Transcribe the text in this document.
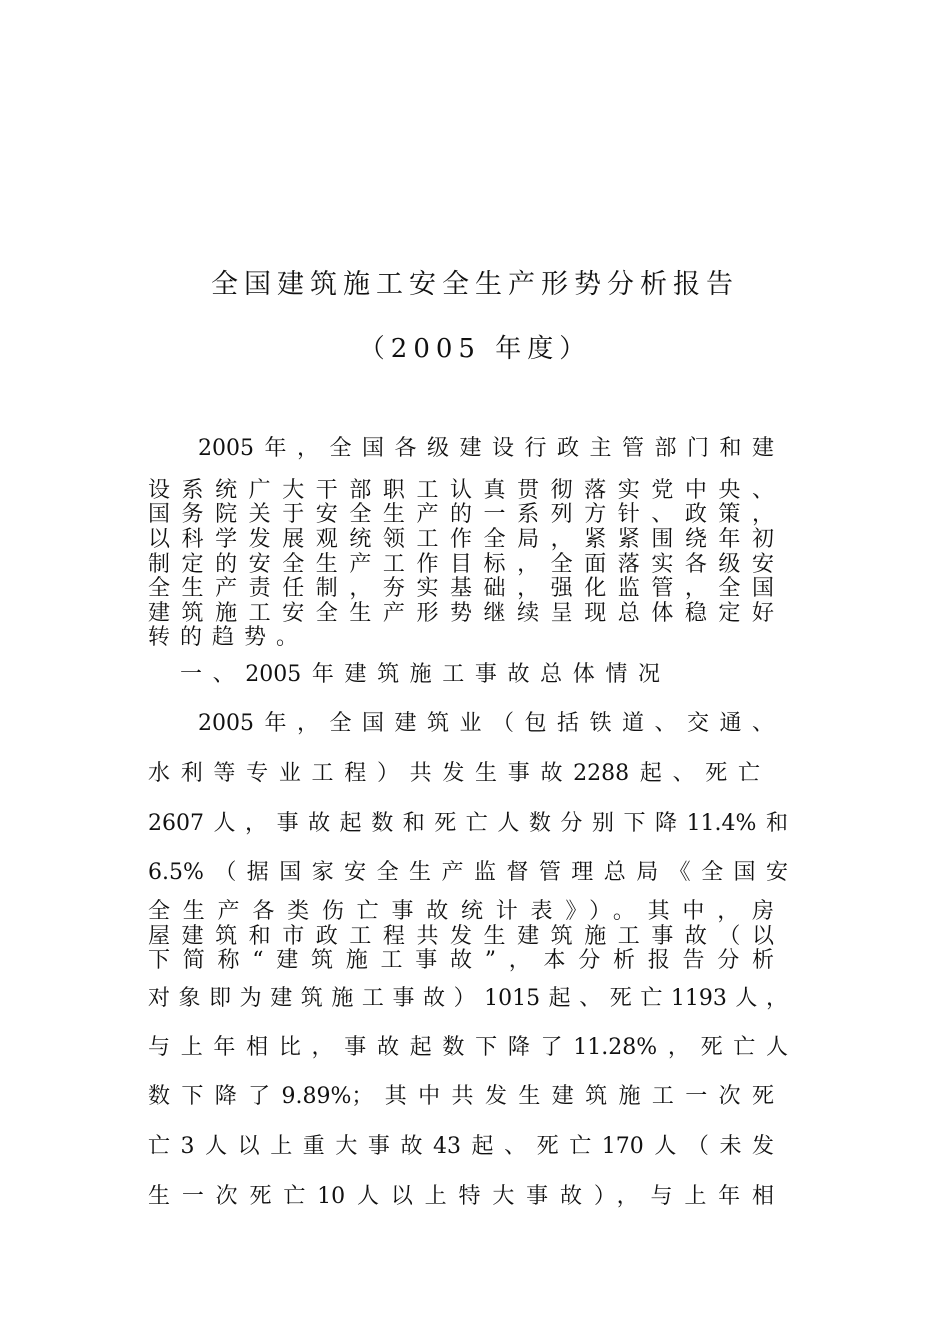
全国建筑施工安全生产形势分析报告
（2005 年度）
2005年，全国各级建设行政主管部门和建
设系统广大干部职工认真贯彻落实党中央、
国务院关于安全生产的一系列方针、政策，
以科学发展观统领工作全局，紧紧围绕年初
制定的安全生产工作目标，全面落实各级安
全生产责任制，夯实基础，强化监管，全国
建筑施工安全生产形势继续呈现总体稳定好
转的趋势。
一、2005年建筑施工事故总体情况
2005年，全国建筑业（包括铁道、交通、
水利等专业工程）共发生事故2288起、死亡
2607人，事故起数和死亡人数分别下降11.4%和
6.5%（据国家安全生产监督管理总局《全国安
全生产各类伤亡事故统计表》）。其中，房
屋建筑和市政工程共发生建筑施工事故（以
下简称“建筑施工事故”，本分析报告分析
对象即为建筑施工事故）1015起、死亡1193人，
与上年相比，事故起数下降了11.28%，死亡人
数下降了9.89%；其中共发生建筑施工一次死
亡3人以上重大事故43起、死亡170人（未发
生一次死亡10人以上特大事故），与上年相
